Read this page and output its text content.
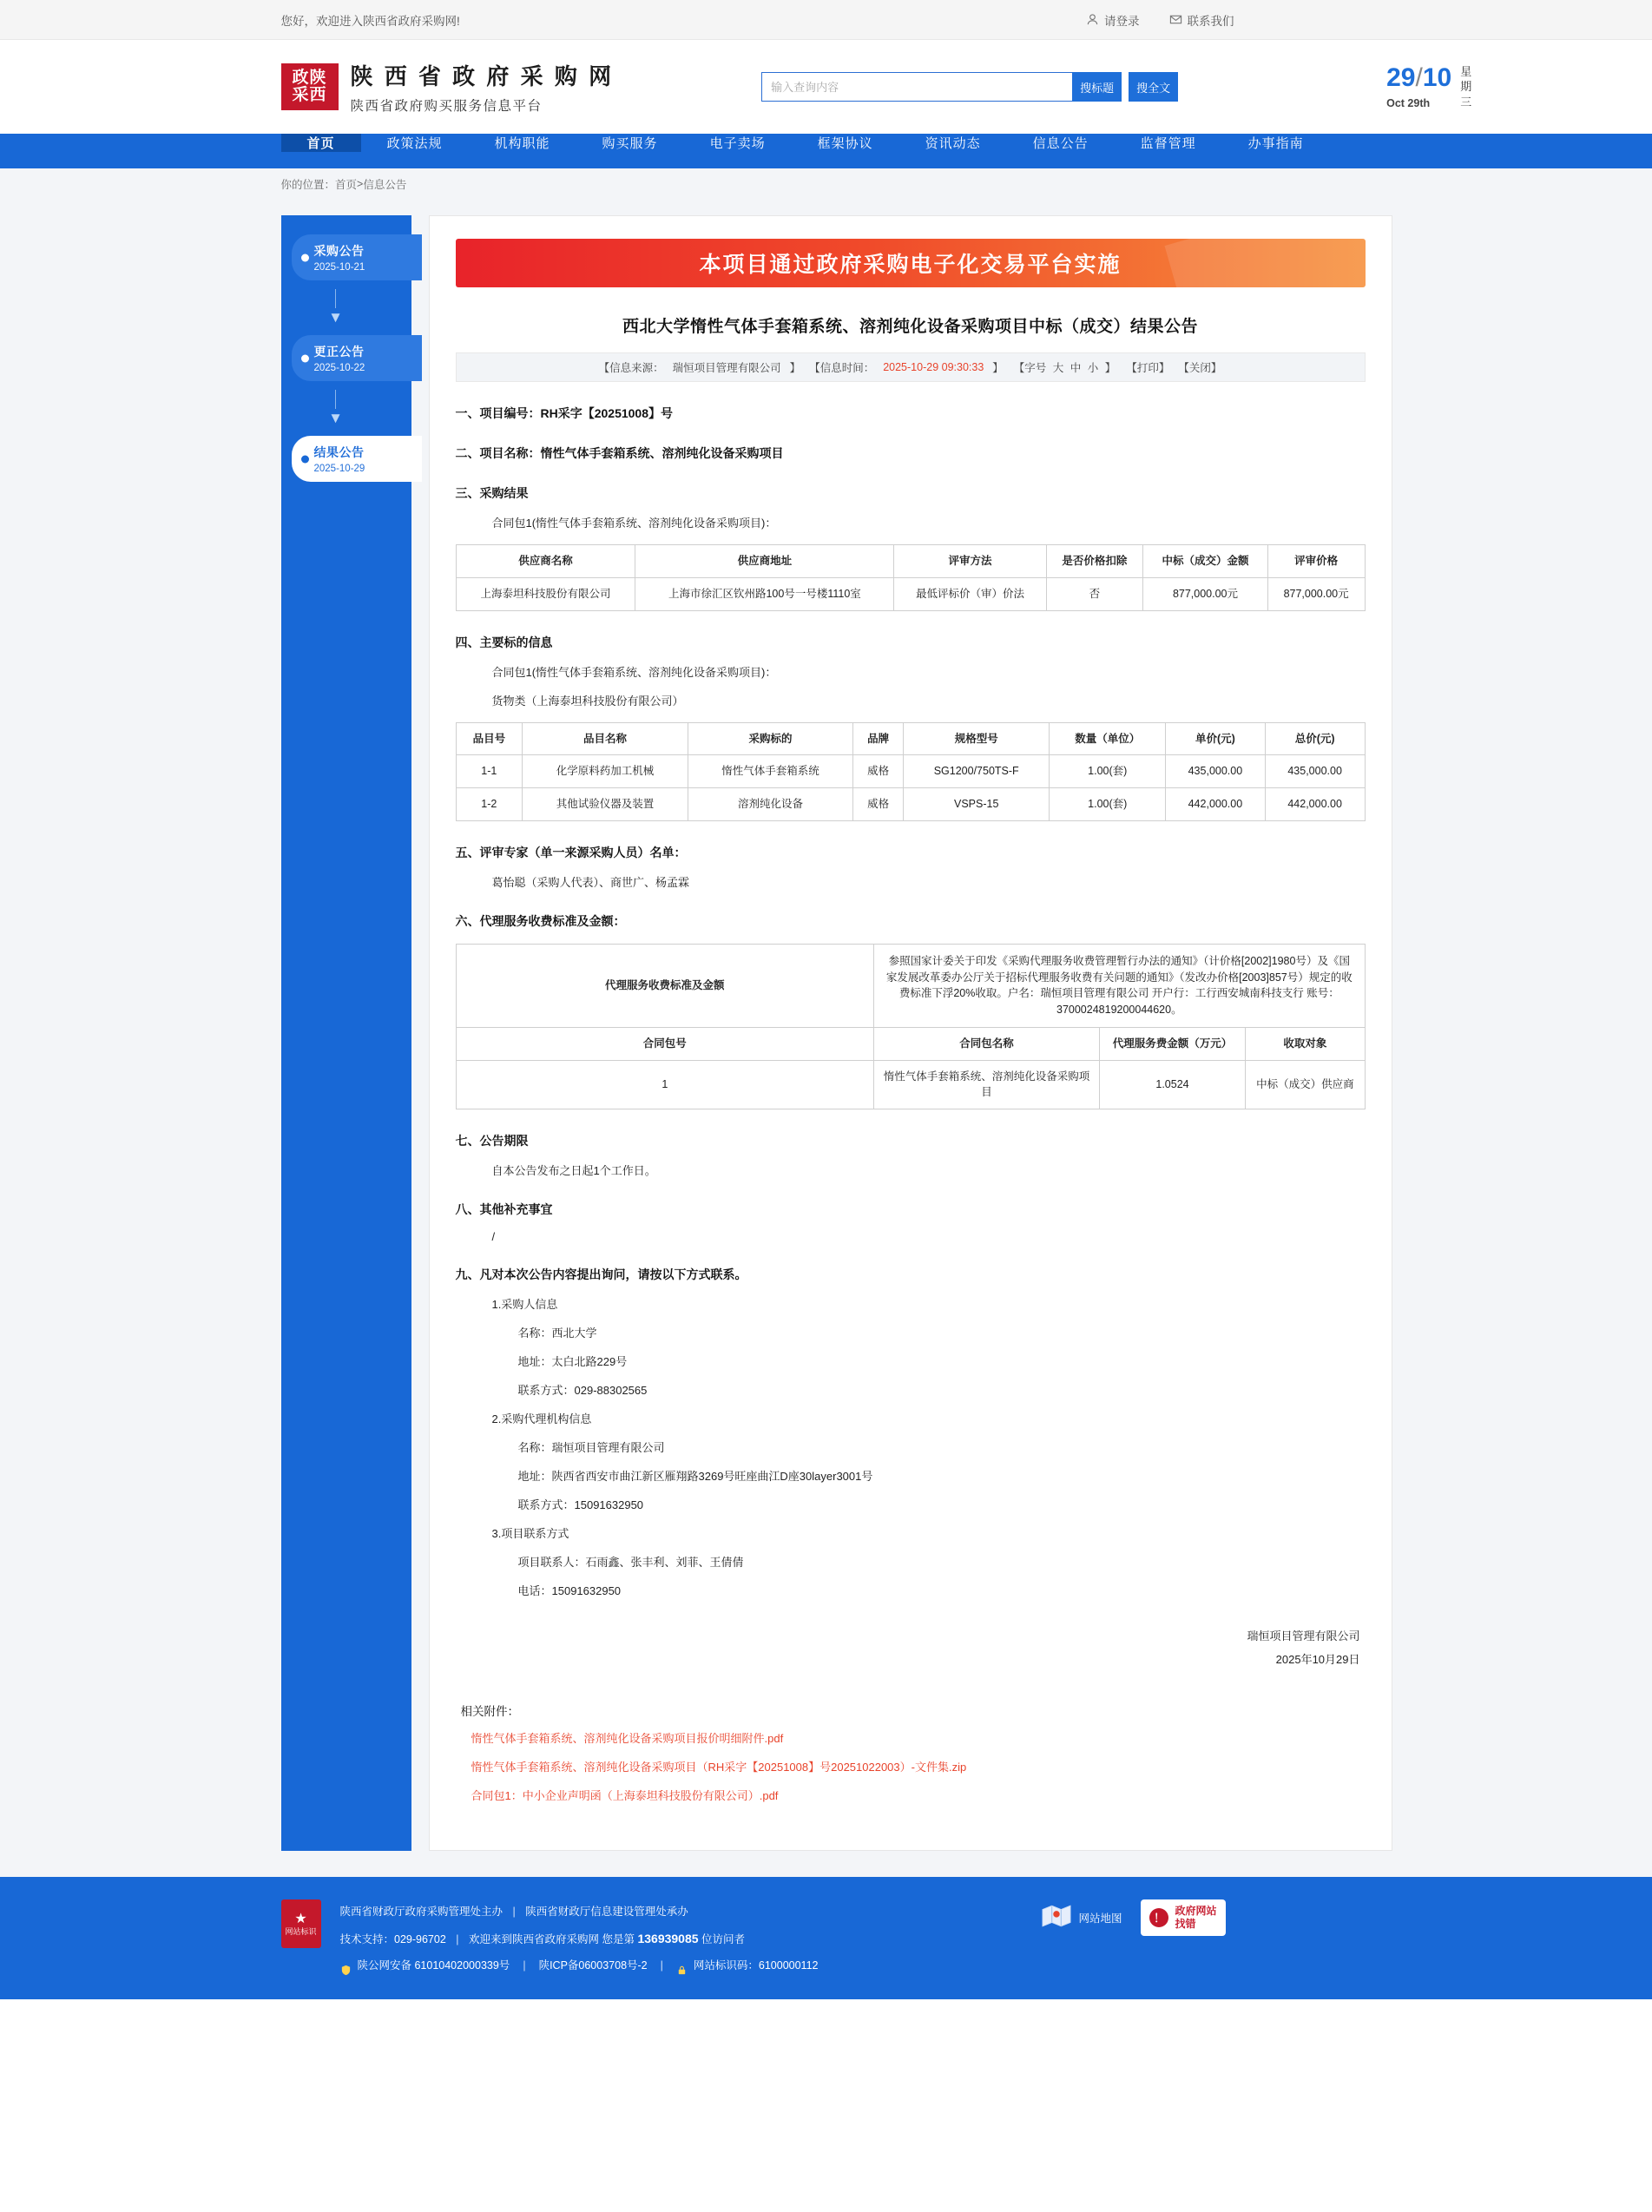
您好，欢迎进入陕西省政府采购网!	请登录	联系我们
政陕
采西
陕 西 省 政 府 采 购 网
陕西省政府购买服务信息平台
输入查询内容
搜标题	搜全文	29/10
Oct 29th
星
期
三
首页	政策法规	机构职能	购买服务	电子卖场	框架协议	资讯动态	信息公告	监督管理	办事指南
你的位置： 首页 > 信息公告
采购公告
2025-10-21
▼
更正公告
2025-10-22
▼
结果公告
2025-10-29
本项目通过政府采购电子化交易平台实施
西北大学惰性气体手套箱系统、溶剂纯化设备采购项目中标（成交）结果公告
【信息来源： 瑞恒项目管理有限公司 】 【信息时间： 2025-10-29 09:30:33 】 【字号 大 中 小 】 【打印】 【关闭】
一、项目编号：RH采字【20251008】号
二、项目名称：惰性气体手套箱系统、溶剂纯化设备采购项目
三、采购结果
合同包1(惰性气体手套箱系统、溶剂纯化设备采购项目)：
供应商名称	供应商地址	评审方法	是否价格扣除	中标（成交）金额	评审价格
上海泰坦科技股份有限公司	上海市徐汇区钦州路100号一号楼1110室	最低评标价（审）价法	否	877,000.00元	877,000.00元
四、主要标的信息
合同包1(惰性气体手套箱系统、溶剂纯化设备采购项目)：
货物类（上海泰坦科技股份有限公司）
品目号	品目名称	采购标的	品牌	规格型号	数量（单位）	单价(元)	总价(元)
1-1	化学原料药加工机械	惰性气体手套箱系统	威格	SG1200/750TS-F	1.00(套)	435,000.00	435,000.00
1-2	其他试验仪器及装置	溶剂纯化设备	威格	VSPS-15	1.00(套)	442,000.00	442,000.00
五、评审专家（单一来源采购人员）名单：
葛怡聪（采购人代表）、商世广、杨孟霖
六、代理服务收费标准及金额：
代理服务收费标准及金额	参照国家计委关于印发《采购代理服务收费管理暂行办法的通知》（计价格[2002]1980号）及《国家发展改革委办公厅关于招标代理服务收费有关问题的通知》（发改办价格[2003]857号）规定的收费标准下浮20%收取。户名：瑞恒项目管理有限公司 开户行：工行西安城南科技支行 账号：3700024819200044620。		
合同包号	合同包名称	代理服务费金额（万元）	收取对象
1	惰性气体手套箱系统、溶剂纯化设备采购项目	1.0524	中标（成交）供应商
七、公告期限
自本公告发布之日起1个工作日。
八、其他补充事宜
/
九、凡对本次公告内容提出询问，请按以下方式联系。
1.采购人信息
名称：西北大学
地址：太白北路229号
联系方式：029-88302565
2.采购代理机构信息
名称：瑞恒项目管理有限公司
地址：陕西省西安市曲江新区雁翔路3269号旺座曲江D座30layer3001号
联系方式：15091632950
3.项目联系方式
项目联系人：石雨鑫、张丰利、刘菲、王倩倩
电话：15091632950
瑞恒项目管理有限公司
2025年10月29日
相关附件：
惰性气体手套箱系统、溶剂纯化设备采购项目报价明细附件.pdf
惰性气体手套箱系统、溶剂纯化设备采购项目（RH采字【20251008】号20251022003）-文件集.zip
合同包1：中小企业声明函（上海泰坦科技股份有限公司）.pdf
★
网站标识
陕西省财政厅政府采购管理处主办 | 陕西省财政厅信息建设管理处承办
技术支持：029-96702 | 欢迎来到陕西省政府采购网 您是第 136939085 位访问者
陕公网安备 61010402000339号 | 陕ICP备06003708号-2 |	网站标识码：6100000112
网站地图	！
政府网站
找错
